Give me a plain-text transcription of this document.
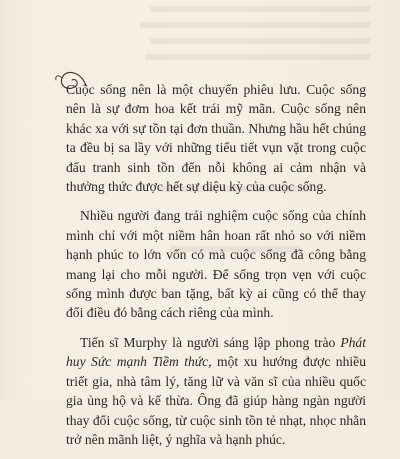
Cuộc sống nên là một chuyến phiêu lưu. Cuộc sống nên là sự đơm hoa kết trái mỹ mãn. Cuộc sống nên khác xa với sự tồn tại đơn thuần. Nhưng hầu hết chúng ta đều bị sa lầy với những tiểu tiết vụn vặt trong cuộc đấu tranh sinh tồn đến nỗi không ai cảm nhận và thưởng thức được hết sự diệu kỳ của cuộc sống.

Nhiều người đang trải nghiệm cuộc sống của chính mình chỉ với một niềm hân hoan rất nhỏ so với niềm hạnh phúc to lớn vốn có mà cuộc sống đã công bằng mang lại cho mỗi người. Để sống trọn vẹn với cuộc sống mình được ban tặng, bất kỳ ai cũng có thể thay đổi điều đó bằng cách riêng của mình.

Tiến sĩ Murphy là người sáng lập phong trào Phát huy Sức mạnh Tiềm thức, một xu hướng được nhiều triết gia, nhà tâm lý, tăng lữ và văn sĩ của nhiều quốc gia ủng hộ và kế thừa. Ông đã giúp hàng ngàn người thay đổi cuộc sống, từ cuộc sinh tồn tẻ nhạt, nhọc nhằn trở nên mãnh liệt, ý nghĩa và hạnh phúc.
